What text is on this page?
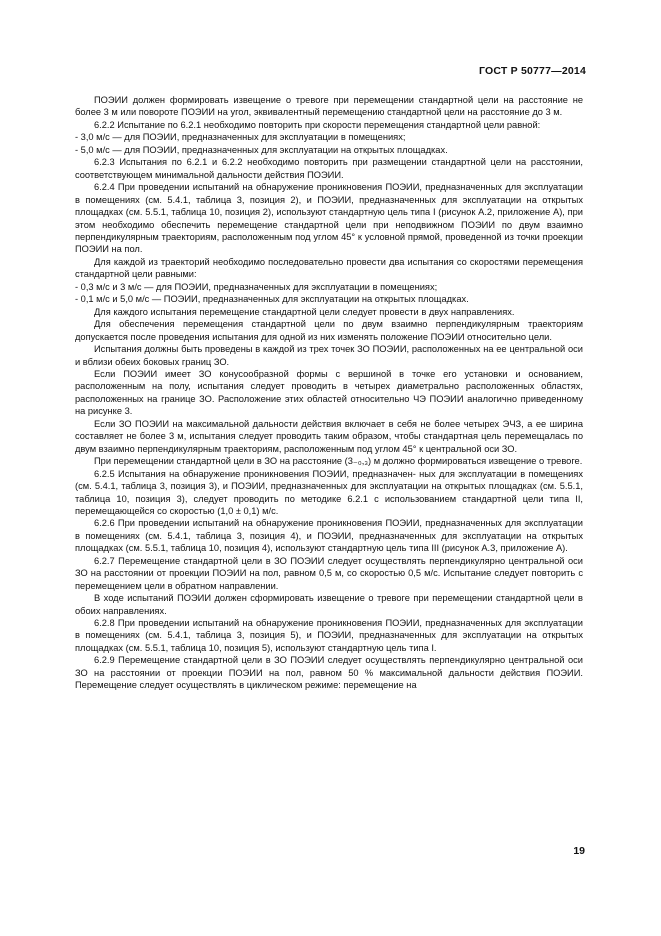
ГОСТ Р 50777—2014

ПОЭИИ должен формировать извещение о тревоге при перемещении стандартной цели на расстояние не более 3 м или повороте ПОЭИИ на угол, эквивалентный перемещению стандартной цели на расстояние до 3 м.

6.2.2 Испытание по 6.2.1 необходимо повторить при скорости перемещения стандартной цели равной:

- 3,0 м/с — для ПОЭИИ, предназначенных для эксплуатации в помещениях;

- 5,0 м/с — для ПОЭИИ, предназначенных для эксплуатации на открытых площадках.

6.2.3 Испытания по 6.2.1 и 6.2.2 необходимо повторить при размещении стандартной цели на расстоянии, соответствующем минимальной дальности действия ПОЭИИ.

6.2.4 При проведении испытаний на обнаружение проникновения ПОЭИИ, предназначенных для эксплуатации в помещениях (см. 5.4.1, таблица 3, позиция 2), и ПОЭИИ, предназначенных для эксплуатации на открытых площадках (см. 5.5.1, таблица 10, позиция 2), используют стандартную цель типа I (рисунок А.2, приложение А), при этом необходимо обеспечить перемещение стандартной цели при неподвижном ПОЭИИ по двум взаимно перпендикулярным траекториям, расположенным под углом 45° к условной прямой, проведенной из точки проекции ПОЭИИ на пол.

Для каждой из траекторий необходимо последовательно провести два испытания со скоростями перемещения стандартной цели равными:

- 0,3 м/с и 3 м/с — для ПОЭИИ, предназначенных для эксплуатации в помещениях;

- 0,1 м/с и 5,0 м/с — ПОЭИИ, предназначенных для эксплуатации на открытых площадках.

Для каждого испытания перемещение стандартной цели следует провести в двух направлениях.

Для обеспечения перемещения стандартной цели по двум взаимно перпендикулярным траекториям допускается после проведения испытания для одной из них изменять положение ПОЭИИ относительно цели.

Испытания должны быть проведены в каждой из трех точек ЗО ПОЭИИ, расположенных на ее центральной оси и вблизи обеих боковых границ ЗО.

Если ПОЭИИ имеет ЗО конусообразной формы с вершиной в точке его установки и основанием, расположенным на полу, испытания следует проводить в четырех диаметрально расположенных областях, расположенных на границе ЗО. Расположение этих областей относительно ЧЭ ПОЭИИ аналогично приведенному на рисунке 3.

Если ЗО ПОЭИИ на максимальной дальности действия включает в себя не более четырех ЭЧЗ, а ее ширина составляет не более 3 м, испытания следует проводить таким образом, чтобы стандартная цель перемещалась по двум взаимно перпендикулярным траекториям, расположенным под углом 45° к центральной оси ЗО.

При перемещении стандартной цели в ЗО на расстояние (3₋₀,₃) м должно формироваться извещение о тревоге.

6.2.5 Испытания на обнаружение проникновения ПОЭИИ, предназначен- ных для эксплуатации в помещениях (см. 5.4.1, таблица 3, позиция 3), и ПОЭИИ, предназначенных для эксплуатации на открытых площадках (см. 5.5.1, таблица 10, позиция 3), следует проводить по методике 6.2.1 с использованием стандартной цели типа II, перемещающейся со скоростью (1,0 ± 0,1) м/с.

6.2.6 При проведении испытаний на обнаружение проникновения ПОЭИИ, предназначенных для эксплуатации в помещениях (см. 5.4.1, таблица 3, позиция 4), и ПОЭИИ, предназначенных для эксплуатации на открытых площадках (см. 5.5.1, таблица 10, позиция 4), используют стандартную цель типа III (рисунок А.3, приложение А).

6.2.7 Перемещение стандартной цели в ЗО ПОЭИИ следует осуществлять перпендикулярно центральной оси ЗО на расстоянии от проекции ПОЭИИ на пол, равном 0,5 м, со скоростью 0,5 м/с. Испытание следует повторить с перемещением цели в обратном направлении.

В ходе испытаний ПОЭИИ должен сформировать извещение о тревоге при перемещении стандартной цели в обоих направлениях.

6.2.8 При проведении испытаний на обнаружение проникновения ПОЭИИ, предназначенных для эксплуатации в помещениях (см. 5.4.1, таблица 3, позиция 5), и ПОЭИИ, предназначенных для эксплуатации на открытых площадках (см. 5.5.1, таблица 10, позиция 5), используют стандартную цель типа I.

6.2.9 Перемещение стандартной цели в ЗО ПОЭИИ следует осуществлять перпендикулярно центральной оси ЗО на расстоянии от проекции ПОЭИИ на пол, равном 50 % максимальной дальности действия ПОЭИИ. Перемещение следует осуществлять в циклическом режиме: перемещение на

19
